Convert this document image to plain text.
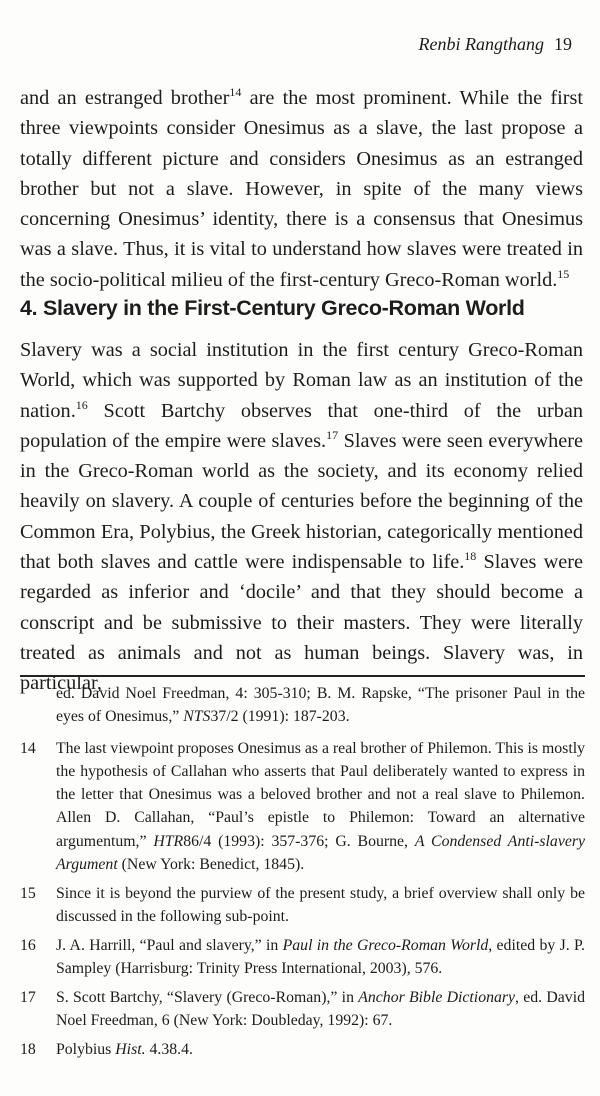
Renbi Rangthang 19
and an estranged brother$^{14}$ are the most prominent. While the first three viewpoints consider Onesimus as a slave, the last propose a totally different picture and considers Onesimus as an estranged brother but not a slave. However, in spite of the many views concerning Onesimus’ identity, there is a consensus that Onesimus was a slave. Thus, it is vital to understand how slaves were treated in the socio-political milieu of the first-century Greco-Roman world.$^{15}$
4. Slavery in the First-Century Greco-Roman World
Slavery was a social institution in the first century Greco-Roman World, which was supported by Roman law as an institution of the nation.$^{16}$ Scott Bartchy observes that one-third of the urban population of the empire were slaves.$^{17}$ Slaves were seen everywhere in the Greco-Roman world as the society, and its economy relied heavily on slavery. A couple of centuries before the beginning of the Common Era, Polybius, the Greek historian, categorically mentioned that both slaves and cattle were indispensable to life.$^{18}$ Slaves were regarded as inferior and ‘docile’ and that they should become a conscript and be submissive to their masters. They were literally treated as animals and not as human beings. Slavery was, in particular,
ed. David Noel Freedman, 4: 305-310; B. M. Rapske, “The prisoner Paul in the eyes of Onesimus,” NTS37/2 (1991): 187-203.
14 The last viewpoint proposes Onesimus as a real brother of Philemon. This is mostly the hypothesis of Callahan who asserts that Paul deliberately wanted to express in the letter that Onesimus was a beloved brother and not a real slave to Philemon. Allen D. Callahan, “Paul’s epistle to Philemon: Toward an alternative argumentum,” HTR86/4 (1993): 357-376; G. Bourne, A Condensed Anti-slavery Argument (New York: Benedict, 1845).
15 Since it is beyond the purview of the present study, a brief overview shall only be discussed in the following sub-point.
16 J. A. Harrill, “Paul and slavery,” in Paul in the Greco-Roman World, edited by J. P. Sampley (Harrisburg: Trinity Press International, 2003), 576.
17 S. Scott Bartchy, “Slavery (Greco-Roman),” in Anchor Bible Dictionary, ed. David Noel Freedman, 6 (New York: Doubleday, 1992): 67.
18 Polybius Hist. 4.38.4.
